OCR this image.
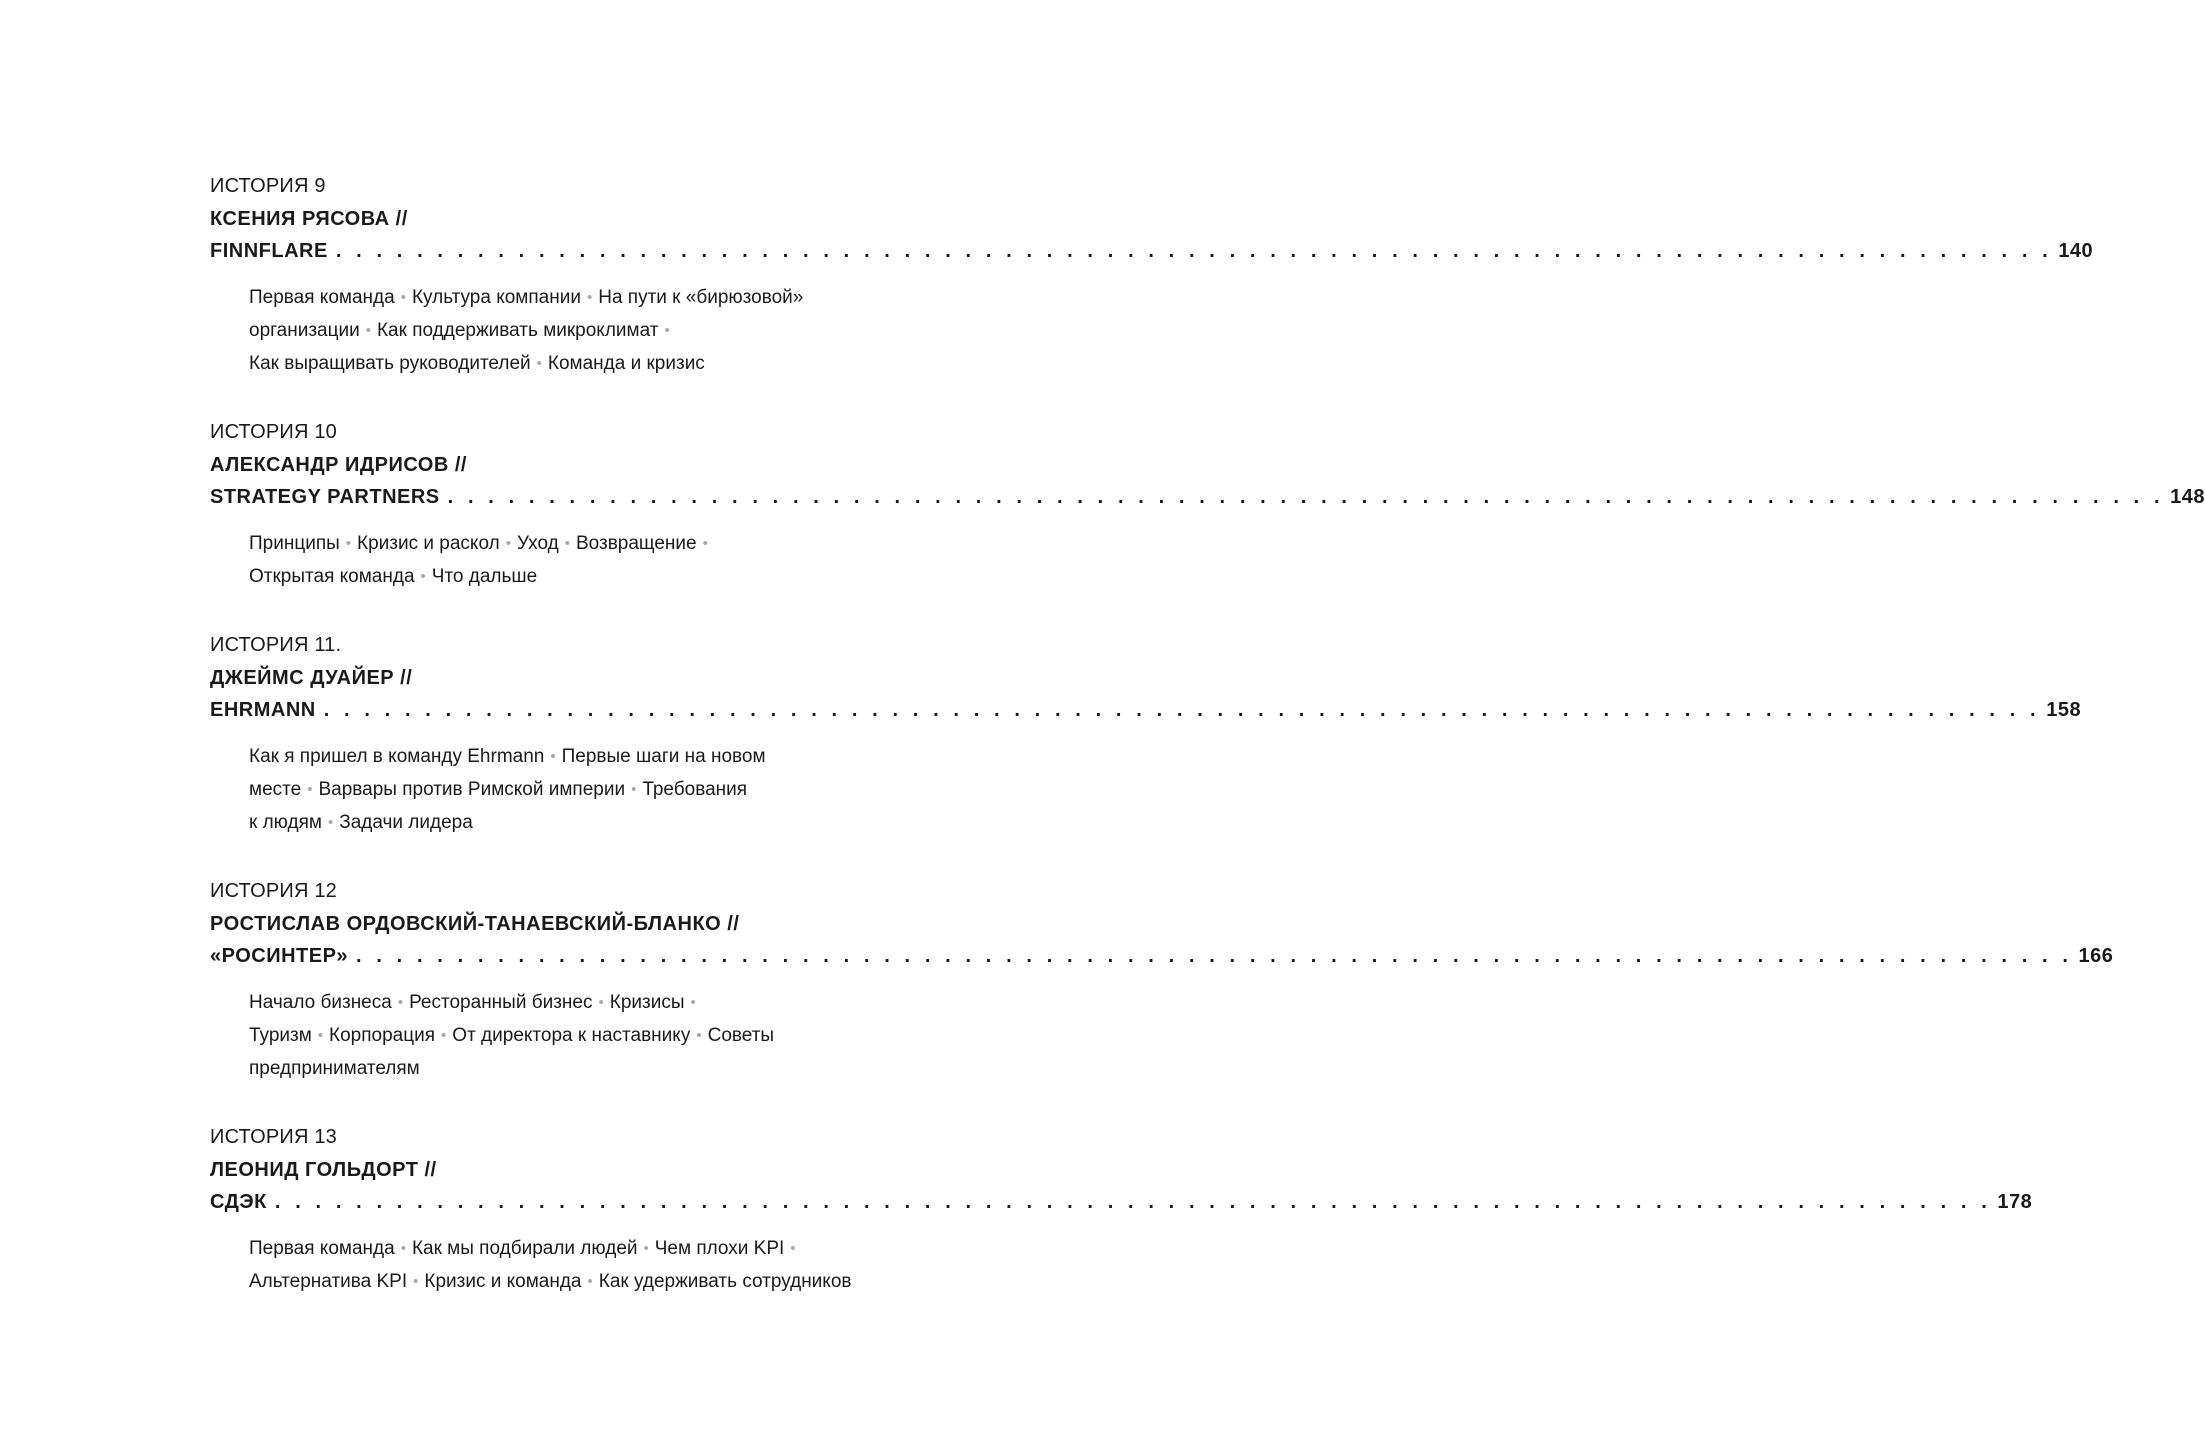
ИСТОРИЯ 9
КСЕНИЯ РЯСОВА //
FINNFLARE . . . . . . . . . . . . . . . . . . . . . . . . . . . . . . . . . . . . . . . . . . . . . . . . . . . . . . . . . . . . . . . . . . . . . . . . . . . . . . . . . . . . . 140
Первая команда • Культура компании • На пути к «бирюзовой»
организации • Как поддерживать микроклимат •
Как выращивать руководителей • Команда и кризис
ИСТОРИЯ 10
АЛЕКСАНДР ИДРИСОВ //
STRATEGY PARTNERS . . . . . . . . . . . . . . . . . . . . . . . . . . . . . . . . . . . . . . . . . . . . . . . . . . . . . . . . . . . . . . . . . . . . . . . . . . . . . . . . . . . . . 148
Принципы • Кризис и раскол • Уход • Возвращение •
Открытая команда • Что дальше
ИСТОРИЯ 11.
ДЖЕЙМС ДУАЙЕР //
EHRMANN . . . . . . . . . . . . . . . . . . . . . . . . . . . . . . . . . . . . . . . . . . . . . . . . . . . . . . . . . . . . . . . . . . . . . . . . . . . . . . . . . . . . . 158
Как я пришел в команду Ehrmann • Первые шаги на новом
месте • Варвары против Римской империи • Требования
к людям • Задачи лидера
ИСТОРИЯ 12
РОСТИСЛАВ ОРДОВСКИЙ-ТАНАЕВСКИЙ-БЛАНКО //
«РОСИНТЕР» . . . . . . . . . . . . . . . . . . . . . . . . . . . . . . . . . . . . . . . . . . . . . . . . . . . . . . . . . . . . . . . . . . . . . . . . . . . . . . . . . . . . . 166
Начало бизнеса • Ресторанный бизнес • Кризисы •
Туризм • Корпорация • От директора к наставнику • Советы
предпринимателям
ИСТОРИЯ 13
ЛЕОНИД ГОЛЬДОРТ //
СДЭК . . . . . . . . . . . . . . . . . . . . . . . . . . . . . . . . . . . . . . . . . . . . . . . . . . . . . . . . . . . . . . . . . . . . . . . . . . . . . . . . . . . . . 178
Первая команда • Как мы подбирали людей • Чем плохи KPI •
Альтернатива KPI • Кризис и команда • Как удерживать сотрудников
